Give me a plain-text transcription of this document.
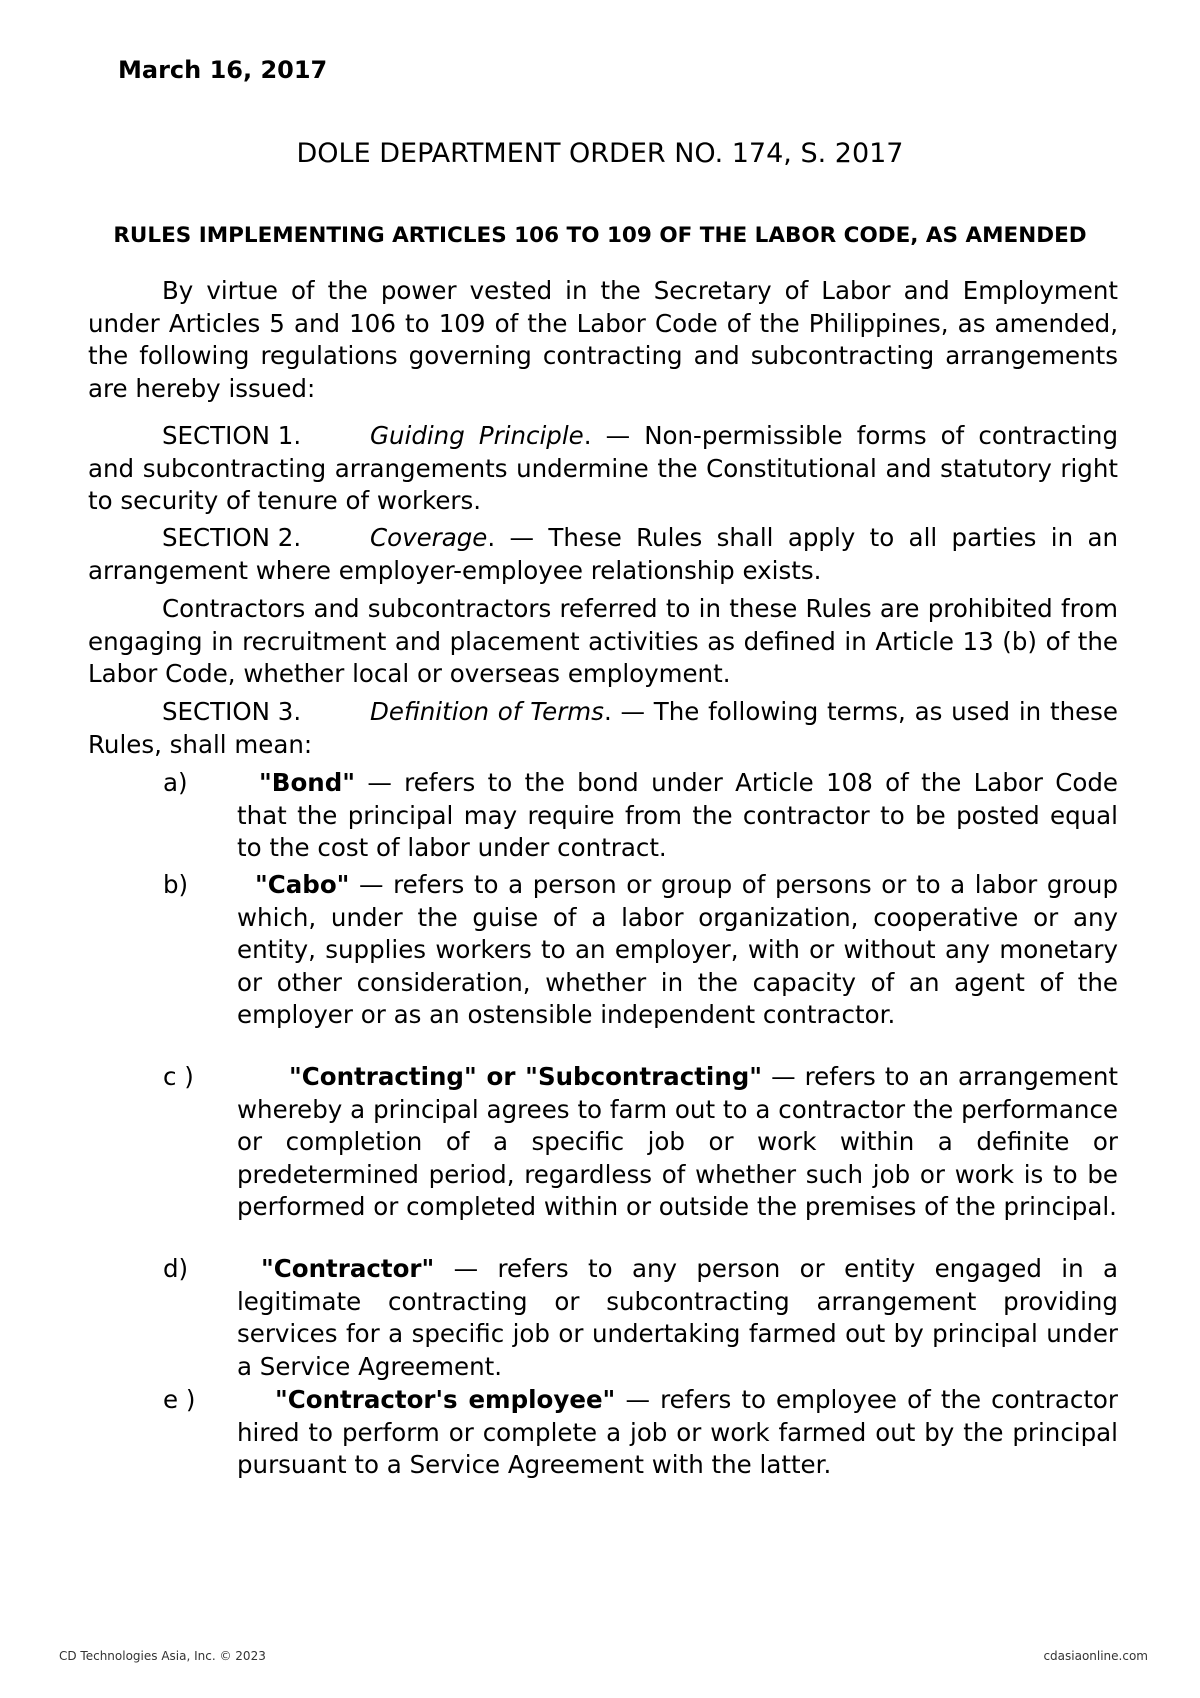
March 16, 2017
DOLE DEPARTMENT ORDER NO. 174, S. 2017
RULES IMPLEMENTING ARTICLES 106 TO 109 OF THE LABOR CODE, AS AMENDED

By virtue of the power vested in the Secretary of Labor and Employment under Articles 5 and 106 to 109 of the Labor Code of the Philippines, as amended, the following regulations governing contracting and subcontracting arrangements are hereby issued:

SECTION 1.	Guiding Principle. — Non-permissible forms of contracting and subcontracting arrangements undermine the Constitutional and statutory right to security of tenure of workers.

SECTION 2.	Coverage. — These Rules shall apply to all parties in an arrangement where employer-employee relationship exists.

Contractors and subcontractors referred to in these Rules are prohibited from engaging in recruitment and placement activities as defined in Article 13 (b) of the Labor Code, whether local or overseas employment.

SECTION 3.	Definition of Terms. — The following terms, as used in these Rules, shall mean:

a)	"Bond" — refers to the bond under Article 108 of the Labor Code that the principal may require from the contractor to be posted equal to the cost of labor under contract.
b)	"Cabo" — refers to a person or group of persons or to a labor group which, under the guise of a labor organization, cooperative or any entity, supplies workers to an employer, with or without any monetary or other consideration, whether in the capacity of an agent of the employer or as an ostensible independent contractor.
c )	"Contracting" or "Subcontracting" — refers to an arrangement whereby a principal agrees to farm out to a contractor the performance or completion of a specific job or work within a definite or predetermined period, regardless of whether such job or work is to be performed or completed within or outside the premises of the principal.
d)	"Contractor" — refers to any person or entity engaged in a legitimate contracting or subcontracting arrangement providing services for a specific job or undertaking farmed out by principal under a Service Agreement.
e )	"Contractor's employee" — refers to employee of the contractor hired to perform or complete a job or work farmed out by the principal pursuant to a Service Agreement with the latter.
CD Technologies Asia, Inc. © 2023	cdasiaonline.com
